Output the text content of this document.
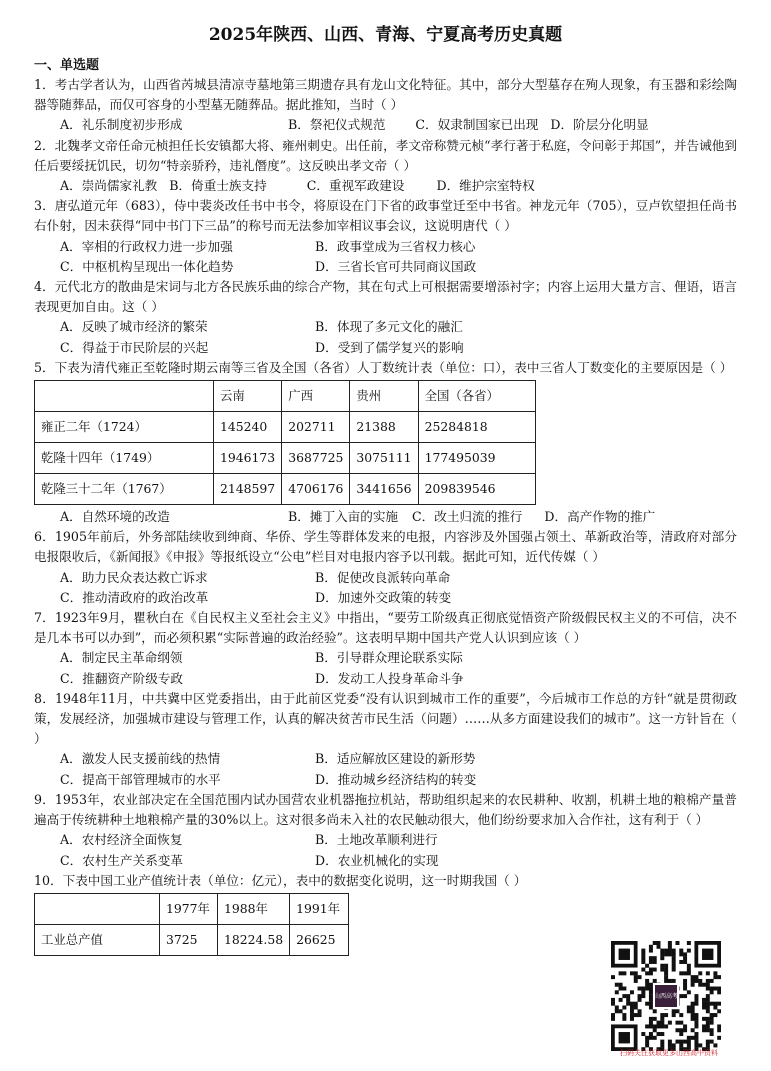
2025年陕西、山西、青海、宁夏高考历史真题
一、单选题

1．考古学者认为，山西省芮城县清凉寺墓地第三期遗存具有龙山文化特征。其中，部分大型墓存在殉人现象，有玉器和彩绘陶器等随葬品，而仅可容身的小型墓无随葬品。据此推知，当时（ ）

A．礼乐制度初步形成	B．祭祀仪式规范 C．奴隶制国家已出现 D．阶层分化明显

2．北魏孝文帝任命元桢担任长安镇都大将、雍州刺史。出任前，孝文帝称赞元桢“孝行著于私庭，令问彰于邦国”，并告诫他到任后要绥抚饥民，切勿“特亲骄矜，违礼僭度”。这反映出孝文帝（ ）

A．崇尚儒家礼教 B．倚重士族支持	C．重视军政建设	D．维护宗室特权

3．唐弘道元年（683），侍中裴炎改任书中书令，将原设在门下省的政事堂迁至中书省。神龙元年（705），豆卢钦望担任尚书右仆射，因未获得“同中书门下三品”的称号而无法参加宰相议事会议，这说明唐代（ ）

A．宰相的行政权力进一步加强	B．政事堂成为三省权力核心
C．中枢机构呈现出一体化趋势	D．三省长官可共同商议国政

4．元代北方的散曲是宋词与北方各民族乐曲的综合产物，其在句式上可根据需要增添衬字；内容上运用大量方言、俚语，语言表现更加自由。这（ ）

A．反映了城市经济的繁荣	B．体现了多元文化的融汇
C．得益于市民阶层的兴起	D．受到了儒学复兴的影响

5．下表为清代雍正至乾隆时期云南等三省及全国（各省）人丁数统计表（单位：口），表中三省人丁数变化的主要原因是（ ）

	云南	广西	贵州	全国（各省）
雍正二年（1724）	145240	202711	21388	25284818
乾隆十四年（1749）	1946173	3687725	3075111	177495039
乾隆三十二年（1767）	2148597	4706176	3441656	209839546
A．自然环境的改造	B．摊丁入亩的实施 C．改土归流的推行 D．高产作物的推广

6．1905年前后，外务部陆续收到绅商、华侨、学生等群体发来的电报，内容涉及外国强占领土、革新政治等，清政府对部分电报限收后，《新闻报》《申报》等报纸设立“公电”栏目对电报内容予以刊载。据此可知，近代传媒（ ）

A．助力民众表达救亡诉求	B．促使改良派转向革命
C．推动清政府的政治改革	D．加速外交政策的转变

7．1923年9月，瞿秋白在《自民权主义至社会主义》中指出，“要劳工阶级真正彻底觉悟资产阶级假民权主义的不可信，决不是几本书可以办到”，而必须积累“实际普遍的政治经验”。这表明早期中国共产党人认识到应该（ ）

A．制定民主革命纲领	B．引导群众理论联系实际
C．推翻资产阶级专政	D．发动工人投身革命斗争

8．1948年11月，中共冀中区党委指出，由于此前区党委“没有认识到城市工作的重要”，今后城市工作总的方针“就是贯彻政策，发展经济，加强城市建设与管理工作，认真的解决贫苦市民生活（问题）……从多方面建设我们的城市”。这一方针旨在（ ）

A．激发人民支援前线的热情	B．适应解放区建设的新形势
C．提高干部管理城市的水平	D．推动城乡经济结构的转变

9．1953年，农业部决定在全国范围内试办国营农业机器拖拉机站，帮助组织起来的农民耕种、收割，机耕土地的粮棉产量普遍高于传统耕种土地粮棉产量的30%以上。这对很多尚未入社的农民触动很大，他们纷纷要求加入合作社，这有利于（ ）

A．农村经济全面恢复	B．土地改革顺利进行
C．农村生产关系变革	D．农业机械化的实现

10．下表中国工业产值统计表（单位：亿元），表中的数据变化说明，这一时期我国（ ）

	1977年	1988年	1991年
工业总产值	3725	18224.58	26625
山西高考
扫码关注获取更多山西高中资料
